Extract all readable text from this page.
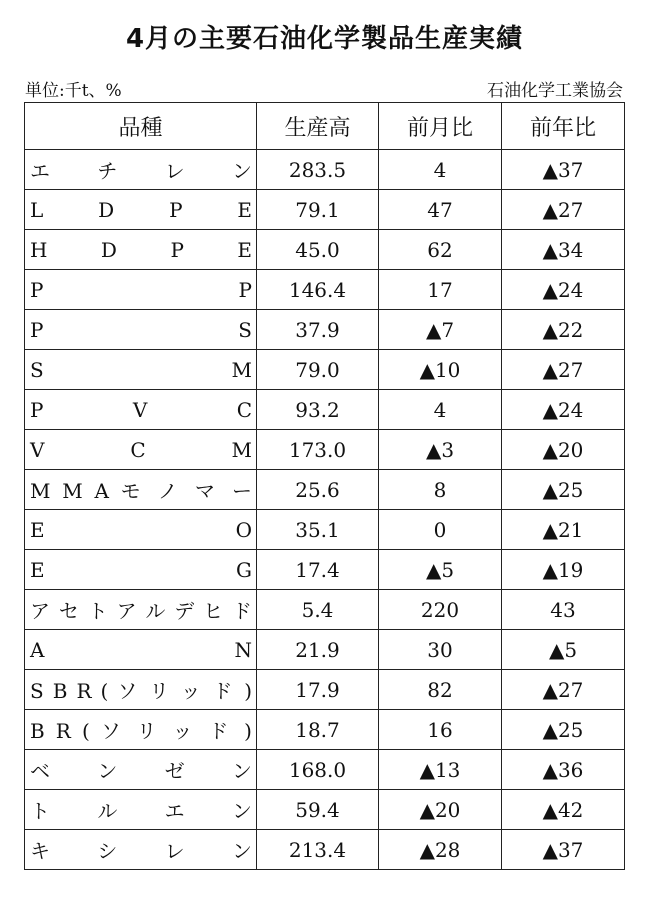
4月の主要石油化学製品生産実績
単位:千t、%	石油化学工業協会
品種	生産高	前月比	前年比
エ チ レ ン	283.5	4	▲37
L D P E	79.1	47	▲27
H D P E	45.0	62	▲34
P P	146.4	17	▲24
P S	37.9	▲7	▲22
S M	79.0	▲10	▲27
P V C	93.2	4	▲24
V C M	173.0	▲3	▲20
M M A モ ノ マ ー	25.6	8	▲25
E O	35.1	0	▲21
E G	17.4	▲5	▲19
ア セ ト ア ル デ ヒ ド	5.4	220	43
A N	21.9	30	▲5
S B R ( ソ リ ッ ド )	17.9	82	▲27
B R ( ソ リ ッ ド )	18.7	16	▲25
ベ ン ゼ ン	168.0	▲13	▲36
ト ル エ ン	59.4	▲20	▲42
キ シ レ ン	213.4	▲28	▲37
